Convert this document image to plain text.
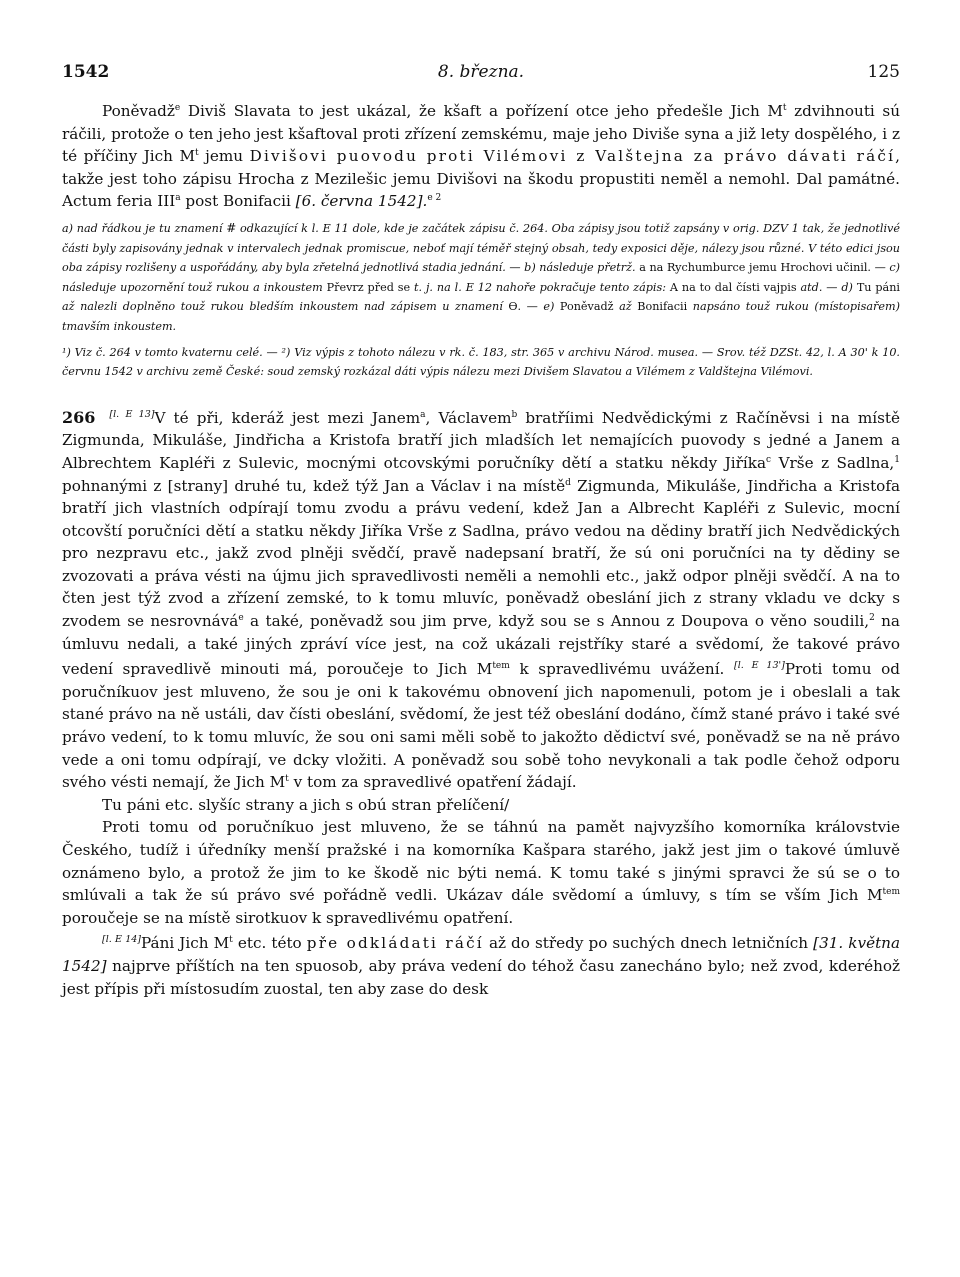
1542	8. března.	125

Poněvadž$^e$ Diviš Slavata to jest ukázal, že kšaft a pořízení otce jeho předešle Jich $M^t$ zdvihnouti sú ráčili, protože o ten jeho jest kšaftoval proti zřízení zemskému, maje jeho Diviše syna a již lety dospělého, i z té příčiny Jich $M^t$ jemu Divišovi puovodu proti Vilémovi z Valštejna za právo dávati ráčí, takže jest toho zápisu Hrocha z Mezilešic jemu Divišovi na škodu propustiti neměl a nemohl. Dal památné. Actum feria III$^a$ post Bonifacii [6. června 1542].$^{e 2}$

a) nad řádkou je tu znamení # odkazující k l. E 11 dole, kde je začátek zápisu č. 264. Oba zápisy jsou totiž zapsány v orig. DZV 1 tak, že jednotlivé části byly zapisovány jednak v intervalech jednak promiscue, neboť mají téměř stejný obsah, tedy exposici děje, nálezy jsou různé. V této edici jsou oba zápisy rozlišeny a uspořádány, aby byla zřetelná jednotlivá stadia jednání. — b) následuje přetrž. a na Rychumburce jemu Hrochovi učinil. — c) následuje upozornění touž rukou a inkoustem Převrz před se t. j. na l. E 12 nahoře pokračuje tento zápis: A na to dal čísti vajpis atd. — d) Tu páni až nalezli doplněno touž rukou bledším inkoustem nad zápisem u znamení ϴ. — e) Poněvadž až Bonifacii napsáno touž rukou (místopisařem) tmavším inkoustem.

¹) Viz č. 264 v tomto kvaternu celé. — ²) Viz výpis z tohoto nálezu v rk. č. 183, str. 365 v archivu Národ. musea. — Srov. též DZSt. 42, l. A 30' k 10. červnu 1542 v archivu země České: soud zemský rozkázal dáti výpis nálezu mezi Divišem Slavatou a Vilémem z Valdštejna Vilémovi.

266 [l. E 13]V té při, kderáž jest mezi Janem$^a$, Václavem$^b$ bratříimi Nedvědickými z Račíněvsi i na místě Zigmunda, Mikuláše, Jindřicha a Kristofa bratří jich mladších let nemajících puovody s jedné a Janem a Albrechtem Kapléři z Sulevic, mocnými otcovskými poručníky dětí a statku někdy Jiříka$^c$ Vrše z Sadlna,$^1$ pohnanými z [strany] druhé tu, kdež týž Jan a Václav i na místě$^d$ Zigmunda, Mikuláše, Jindřicha a Kristofa bratří jich vlastních odpírají tomu zvodu a právu vedení, kdež Jan a Albrecht Kapléři z Sulevic, mocní otcovští poručníci dětí a statku někdy Jiříka Vrše z Sadlna, právo vedou na dědiny bratří jich Nedvědických pro nezpravu etc., jakž zvod plněji svědčí, pravě nadepsaní bratří, že sú oni poručníci na ty dědiny se zvozovati a práva vésti na újmu jich spravedlivosti neměli a nemohli etc., jakž odpor plněji svědčí. A na to čten jest týž zvod a zřízení zemské, to k tomu mluvíc, poněvadž obeslání jich z strany vkladu ve dcky s zvodem se nesrovnává$^e$ a také, poněvadž sou jim prve, když sou se s Annou z Doupova o věno soudili,$^2$ na úmluvu nedali, a také jiných zpráví více jest, na což ukázali rejstříky staré a svědomí, že takové právo vedení spravedlivě minouti má, poroučeje to Jich $M^{tem}$ k spravedlivému uvážení. [l. E 13']Proti tomu od poručníkuov jest mluveno, že sou je oni k takovému obnovení jich napomenuli, potom je i obeslali a tak stané právo na ně ustáli, dav čísti obeslání, svědomí, že jest též obeslání dodáno, čímž stané právo i také své právo vedení, to k tomu mluvíc, že sou oni sami měli sobě to jakožto dědictví své, poněvadž se na ně právo vede a oni tomu odpírají, ve dcky vložiti. A poněvadž sou sobě toho nevykonali a tak podle čehož odporu svého vésti nemají, že Jich $M^t$ v tom za spravedlivé opatření žádají.

Tu páni etc. slyšíc strany a jich s obú stran přelíčení/

Proti tomu od poručníkuo jest mluveno, že se táhnú na pamět najvyzšího komorníka královstvie Českého, tudíž i úředníky menší pražské i na komorníka Kašpara starého, jakž jest jim o takové úmluvě oznámeno bylo, a protož že jim to ke škodě nic býti nemá. K tomu také s jinými spravci že sú se o to smlúvali a tak že sú právo své pořádně vedli. Ukázav dále svědomí a úmluvy, s tím se vším Jich $M^{tem}$ poroučeje se na místě sirotkuov k spravedlivému opatření.

[l. E 14]Páni Jich $M^t$ etc. této pře odkládati ráčí až do středy po suchých dnech letničních [31. května 1542] najprve příštích na ten spuosob, aby práva vedení do téhož času zanecháno bylo; než zvod, kderéhož jest přípis při místosudím zuostal, ten aby zase do desk
